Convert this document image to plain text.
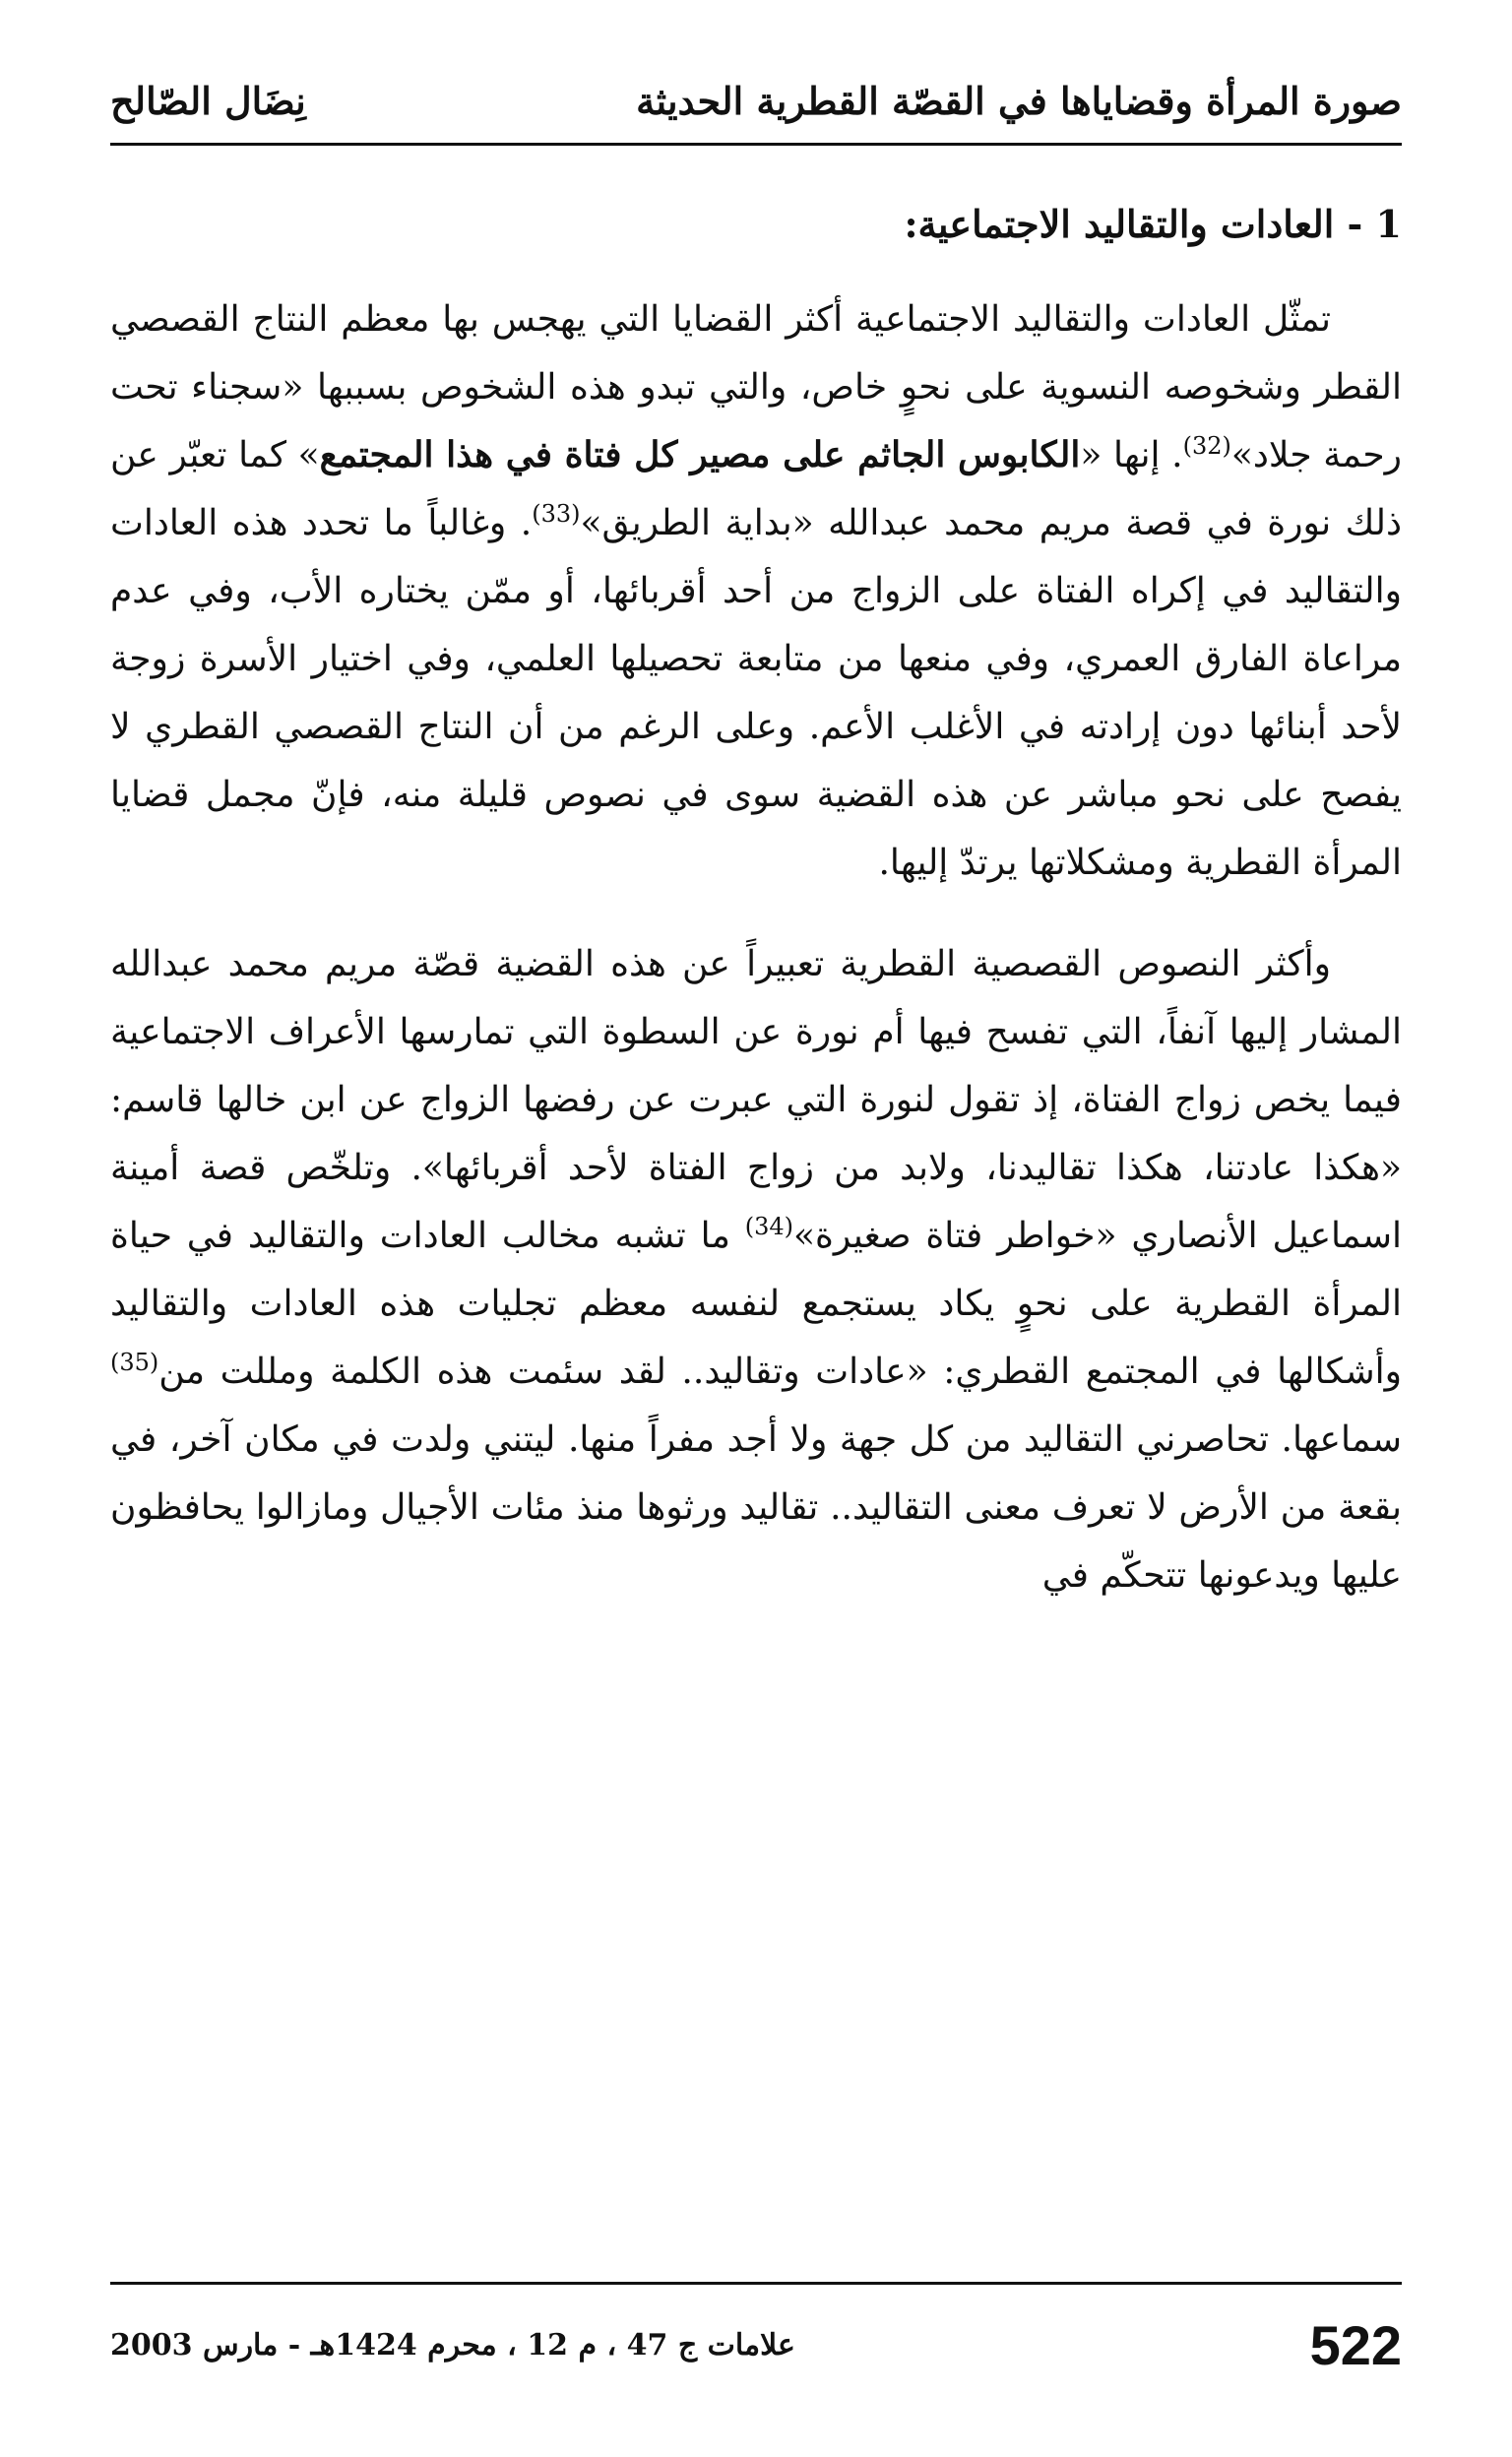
صورة المرأة وقضاياها في القصّة القطرية الحديثة
نِضَال الصّالح
1 - العادات والتقاليد الاجتماعية:

تمثّل العادات والتقاليد الاجتماعية أكثر القضايا التي يهجس بها معظم النتاج القصصي القطر وشخوصه النسوية على نحوٍ خاص، والتي تبدو هذه الشخوص بسببها «سجناء تحت رحمة جلاد»$^{(32)}$. إنها «الكابوس الجاثم على مصير كل فتاة في هذا المجتمع» كما تعبّر عن ذلك نورة في قصة مريم محمد عبدالله «بداية الطريق»$^{(33)}$. وغالباً ما تحدد هذه العادات والتقاليد في إكراه الفتاة على الزواج من أحد أقربائها، أو ممّن يختاره الأب، وفي عدم مراعاة الفارق العمري، وفي منعها من متابعة تحصيلها العلمي، وفي اختيار الأسرة زوجة لأحد أبنائها دون إرادته في الأغلب الأعم. وعلى الرغم من أن النتاج القصصي القطري لا يفصح على نحو مباشر عن هذه القضية سوى في نصوص قليلة منه، فإنّ مجمل قضايا المرأة القطرية ومشكلاتها يرتدّ إليها.

وأكثر النصوص القصصية القطرية تعبيراً عن هذه القضية قصّة مريم محمد عبدالله المشار إليها آنفاً، التي تفسح فيها أم نورة عن السطوة التي تمارسها الأعراف الاجتماعية فيما يخص زواج الفتاة، إذ تقول لنورة التي عبرت عن رفضها الزواج عن ابن خالها قاسم: «هكذا عادتنا، هكذا تقاليدنا، ولابد من زواج الفتاة لأحد أقربائها». وتلخّص قصة أمينة اسماعيل الأنصاري «خواطر فتاة صغيرة»$^{(34)}$ ما تشبه مخالب العادات والتقاليد في حياة المرأة القطرية على نحوٍ يكاد يستجمع لنفسه معظم تجليات هذه العادات والتقاليد وأشكالها في المجتمع القطري: «عادات وتقاليد.. لقد سئمت هذه الكلمة ومللت من$^{(35)}$ سماعها. تحاصرني التقاليد من كل جهة ولا أجد مفراً منها. ليتني ولدت في مكان آخر، في بقعة من الأرض لا تعرف معنى التقاليد.. تقاليد ورثوها منذ مئات الأجيال ومازالوا يحافظون عليها ويدعونها تتحكّم في

522
علامات ج 47 ، م 12 ، محرم 1424هـ - مارس 2003
